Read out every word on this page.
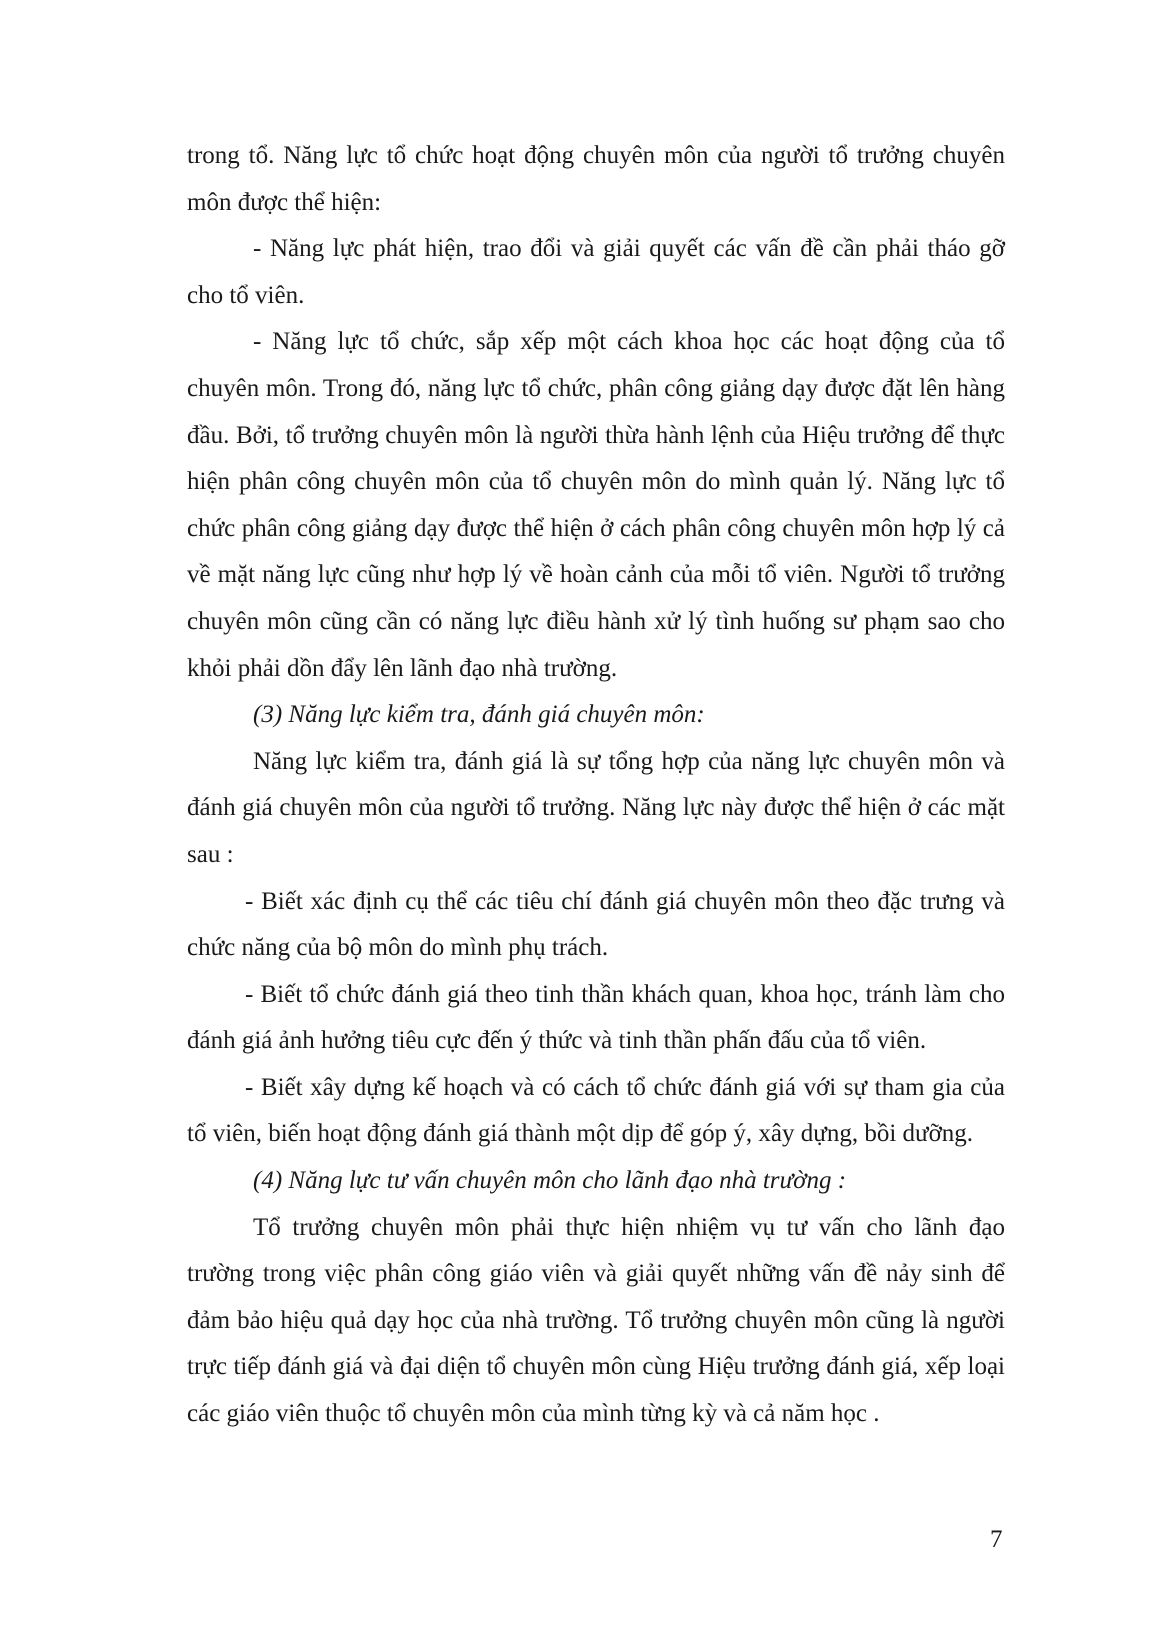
trong tổ. Năng lực tổ chức hoạt động chuyên môn của người tổ trưởng chuyên môn được thể hiện:

- Năng lực phát hiện, trao đổi và giải quyết các vấn đề cần phải tháo gỡ cho tổ viên.

- Năng lực tổ chức, sắp xếp một cách khoa học các hoạt động của tổ chuyên môn. Trong đó, năng lực tổ chức, phân công giảng dạy được đặt lên hàng đầu. Bởi, tổ trưởng chuyên môn là người thừa hành lệnh của Hiệu trưởng để thực hiện phân công chuyên môn của tổ chuyên môn do mình quản lý. Năng lực tổ chức phân công giảng dạy được thể hiện ở cách phân công chuyên môn hợp lý cả về mặt năng lực cũng như hợp lý về hoàn cảnh của mỗi tổ viên. Người tổ trưởng chuyên môn cũng cần có năng lực điều hành xử lý tình huống sư phạm sao cho khỏi phải dồn đẩy lên lãnh đạo nhà trường.

(3) Năng lực kiểm tra, đánh giá chuyên môn:

Năng lực kiểm tra, đánh giá là sự tổng hợp của năng lực chuyên môn và đánh giá chuyên môn của người tổ trưởng. Năng lực này được thể hiện ở các mặt sau :

- Biết xác định cụ thể các tiêu chí đánh giá chuyên môn theo đặc trưng và chức năng của bộ môn do mình phụ trách.

- Biết tổ chức đánh giá theo tinh thần khách quan, khoa học, tránh làm cho đánh giá ảnh hưởng tiêu cực đến ý thức và tinh thần phấn đấu của tổ viên.

- Biết xây dựng kế hoạch và có cách tổ chức đánh giá với sự tham gia của tổ viên, biến hoạt động đánh giá thành một dịp để góp ý, xây dựng, bồi dưỡng.

(4) Năng lực tư vấn chuyên môn cho lãnh đạo nhà trường :

Tổ trưởng chuyên môn phải thực hiện nhiệm vụ tư vấn cho lãnh đạo trường trong việc phân công giáo viên và giải quyết những vấn đề nảy sinh để đảm bảo hiệu quả dạy học của nhà trường. Tổ trưởng chuyên môn cũng là người trực tiếp đánh giá và đại diện tổ chuyên môn cùng Hiệu trưởng đánh giá, xếp loại các giáo viên thuộc tổ chuyên môn của mình từng kỳ và cả năm học .

7
